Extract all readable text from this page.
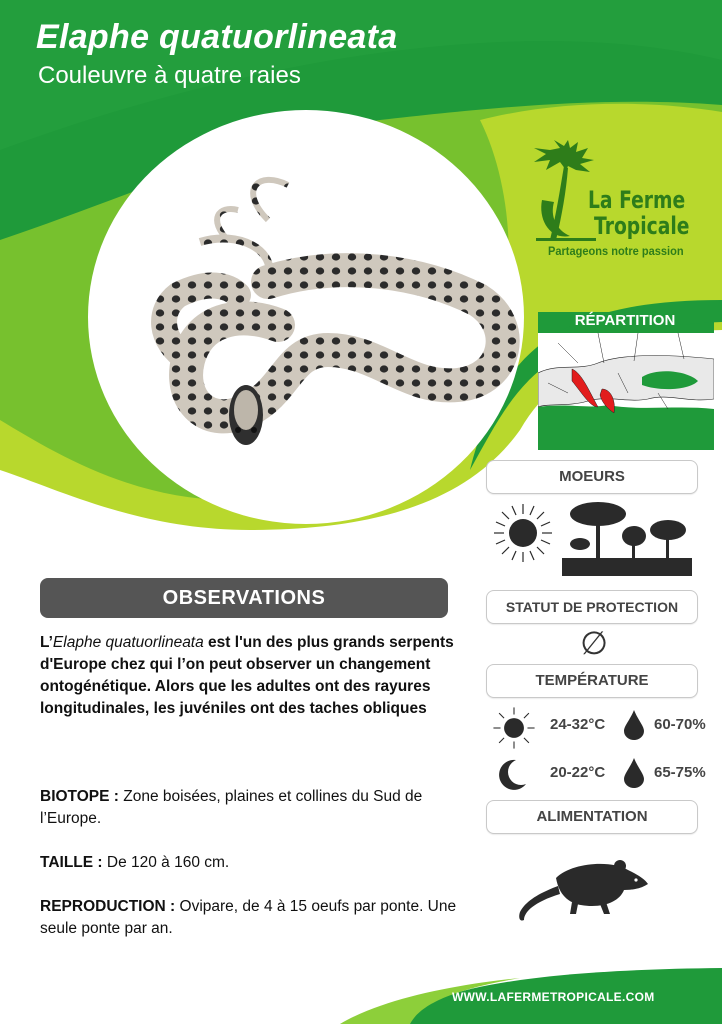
Elaphe quatuorlineata
Couleuvre à quatre raies
La Ferme
Tropicale
Partageons notre passion
RÉPARTITION
MOEURS
STATUT DE PROTECTION
∅
TEMPÉRATURE
24-32°C	60-70%
20-22°C	65-75%
ALIMENTATION
OBSERVATIONS
L’Elaphe quatuorlineata est l'un des plus grands serpents d'Europe chez qui l’on peut observer un changement ontogénétique. Alors que les adultes ont des rayures longitudinales, les juvéniles ont des taches obliques
BIOTOPE : Zone boisées, plaines et collines du Sud de l’Europe.
TAILLE : De 120 à 160 cm.
REPRODUCTION : Ovipare, de 4 à 15 oeufs par ponte. Une seule ponte par an.
WWW.LAFERMETROPICALE.COM
